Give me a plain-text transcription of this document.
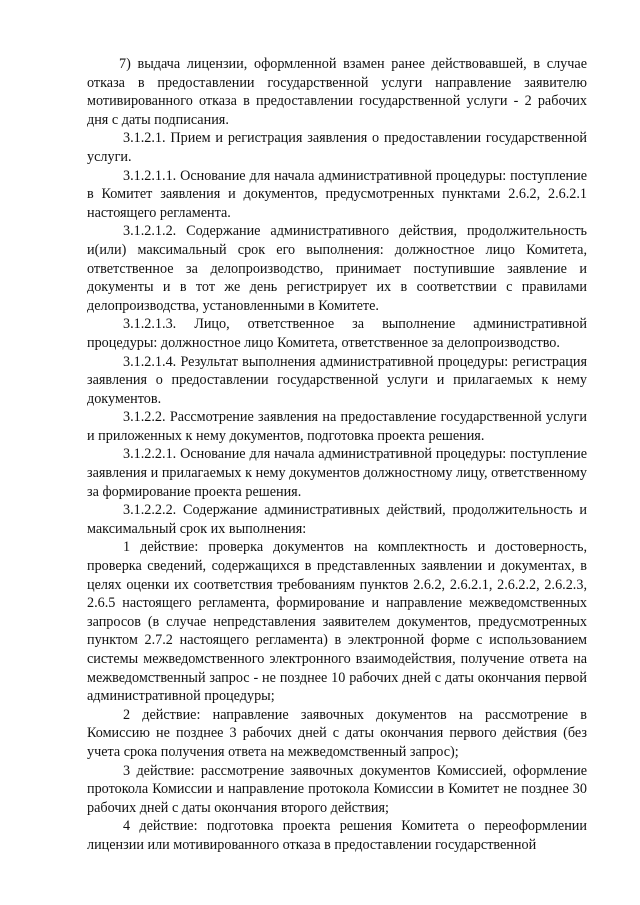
7) выдача лицензии, оформленной взамен ранее действовавшей, в случае отказа в предоставлении государственной услуги направление заявителю мотивированного отказа в предоставлении государственной услуги - 2 рабочих дня с даты подписания.

3.1.2.1. Прием и регистрация заявления о предоставлении государственной услуги.

3.1.2.1.1. Основание для начала административной процедуры: поступление в Комитет заявления и документов, предусмотренных пунктами 2.6.2, 2.6.2.1 настоящего регламента.

3.1.2.1.2. Содержание административного действия, продолжительность и(или) максимальный срок его выполнения: должностное лицо Комитета, ответственное за делопроизводство, принимает поступившие заявление и документы и в тот же день регистрирует их в соответствии с правилами делопроизводства, установленными в Комитете.

3.1.2.1.3. Лицо, ответственное за выполнение административной процедуры: должностное лицо Комитета, ответственное за делопроизводство.

3.1.2.1.4. Результат выполнения административной процедуры: регистрация заявления о предоставлении государственной услуги и прилагаемых к нему документов.

3.1.2.2. Рассмотрение заявления на предоставление государственной услуги и приложенных к нему документов, подготовка проекта решения.

3.1.2.2.1. Основание для начала административной процедуры: поступление заявления и прилагаемых к нему документов должностному лицу, ответственному за формирование проекта решения.

3.1.2.2.2. Содержание административных действий, продолжительность и максимальный срок их выполнения:

1 действие: проверка документов на комплектность и достоверность, проверка сведений, содержащихся в представленных заявлении и документах, в целях оценки их соответствия требованиям пунктов 2.6.2, 2.6.2.1, 2.6.2.2, 2.6.2.3, 2.6.5 настоящего регламента, формирование и направление межведомственных запросов (в случае непредставления заявителем документов, предусмотренных пунктом 2.7.2 настоящего регламента) в электронной форме с использованием системы межведомственного электронного взаимодействия, получение ответа на межведомственный запрос - не позднее 10 рабочих дней с даты окончания первой административной процедуры;

2 действие: направление заявочных документов на рассмотрение в Комиссию не позднее 3 рабочих дней с даты окончания первого действия (без учета срока получения ответа на межведомственный запрос);

3 действие: рассмотрение заявочных документов Комиссией, оформление протокола Комиссии и направление протокола Комиссии в Комитет не позднее 30 рабочих дней с даты окончания второго действия;

4 действие: подготовка проекта решения Комитета о переоформлении лицензии или мотивированного отказа в предоставлении государственной
